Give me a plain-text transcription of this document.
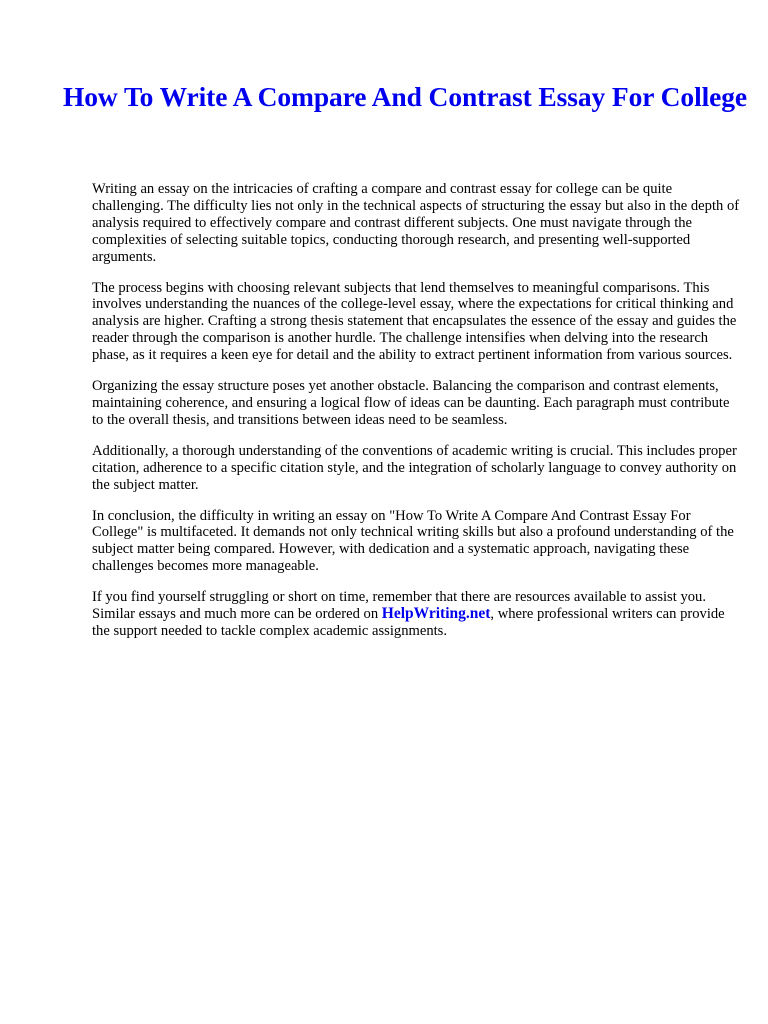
How To Write A Compare And Contrast Essay For College

Writing an essay on the intricacies of crafting a compare and contrast essay for college can be quite challenging. The difficulty lies not only in the technical aspects of structuring the essay but also in the depth of analysis required to effectively compare and contrast different subjects. One must navigate through the complexities of selecting suitable topics, conducting thorough research, and presenting well-supported arguments.

The process begins with choosing relevant subjects that lend themselves to meaningful comparisons. This involves understanding the nuances of the college-level essay, where the expectations for critical thinking and analysis are higher. Crafting a strong thesis statement that encapsulates the essence of the essay and guides the reader through the comparison is another hurdle. The challenge intensifies when delving into the research phase, as it requires a keen eye for detail and the ability to extract pertinent information from various sources.

Organizing the essay structure poses yet another obstacle. Balancing the comparison and contrast elements, maintaining coherence, and ensuring a logical flow of ideas can be daunting. Each paragraph must contribute to the overall thesis, and transitions between ideas need to be seamless.

Additionally, a thorough understanding of the conventions of academic writing is crucial. This includes proper citation, adherence to a specific citation style, and the integration of scholarly language to convey authority on the subject matter.

In conclusion, the difficulty in writing an essay on "How To Write A Compare And Contrast Essay For College" is multifaceted. It demands not only technical writing skills but also a profound understanding of the subject matter being compared. However, with dedication and a systematic approach, navigating these challenges becomes more manageable.

If you find yourself struggling or short on time, remember that there are resources available to assist you. Similar essays and much more can be ordered on HelpWriting.net, where professional writers can provide the support needed to tackle complex academic assignments.
